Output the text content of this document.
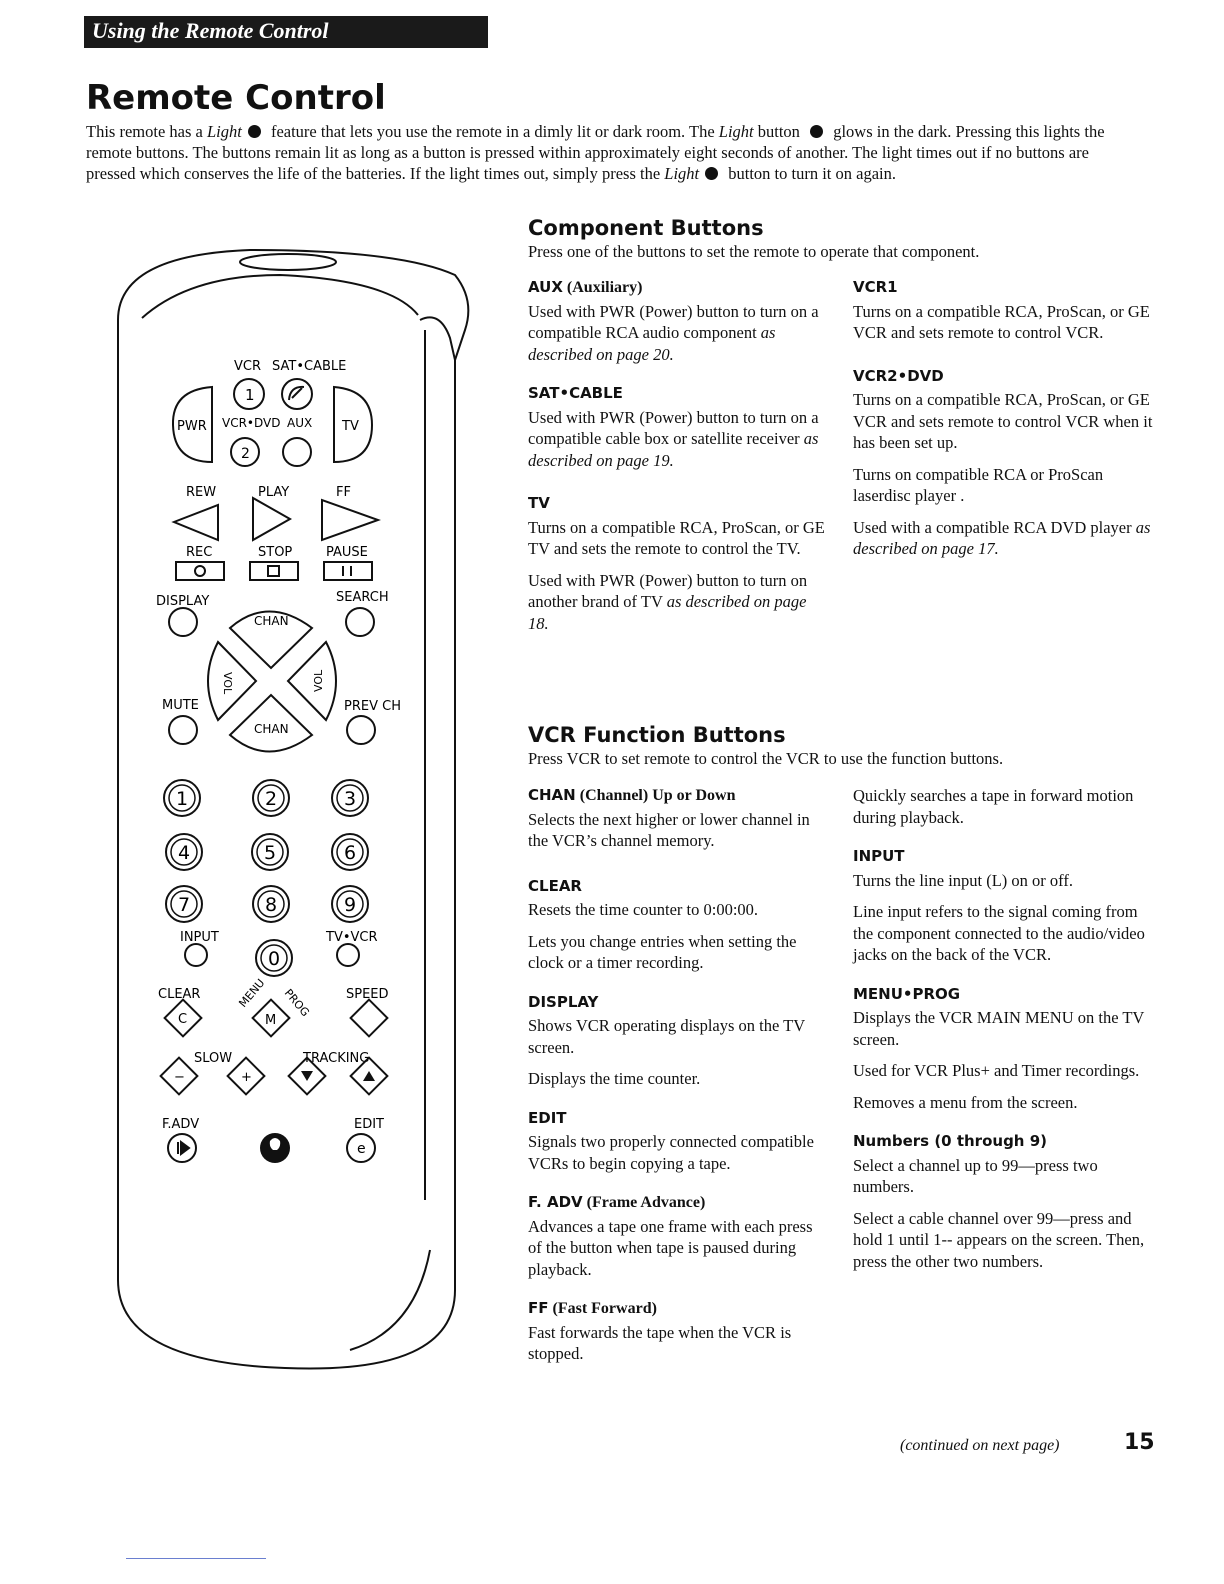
Using the Remote Control
Remote Control

This remote has a Light feature that lets you use the remote in a dimly lit or dark room. The Light button  glows in the dark. Pressing this lights the remote buttons. The buttons remain lit as long as a button is pressed within approximately eight seconds of another. The light times out if no buttons are pressed which conserves the life of the batteries. If the light times out, simply press the Light button to turn it on again.

VCR SAT•CABLE
1
PWR VCR•DVD AUX TV
2
REW	PLAY	FF
REC	STOP	PAUSE
DISPLAY	SEARCH
CHAN
VOL	VOL
CHAN
MUTE	PREV CH
1	2	3
4	5	6
7	8	9
0
INPUT	TV•VCR
CLEAR	SPEED
C	M
MENU PROG
SLOW	TRACKING
−	+
F.ADV	EDIT
e
Component Buttons

Press one of the buttons to set the remote to operate that component.

AUX (Auxiliary)

Used with PWR (Power) button to turn on a compatible RCA audio component as described on page 20.

SAT•CABLE

Used with PWR (Power) button to turn on a compatible cable box or satellite receiver as described on page 19.

TV

Turns on a compatible RCA, ProScan, or GE TV and sets the remote to control the TV.

Used with PWR (Power) button to turn on another brand of TV as described on page 18.

VCR1

Turns on a compatible RCA, ProScan, or GE VCR and sets remote to control VCR.

VCR2•DVD

Turns on a compatible RCA, ProScan, or GE VCR and sets remote to control VCR when it has been set up.

Turns on compatible RCA or ProScan laserdisc player .

Used with a compatible RCA DVD player as described on page 17.

VCR Function Buttons

Press VCR to set remote to control the VCR to use the function buttons.

CHAN (Channel) Up or Down

Selects the next higher or lower channel in the VCR’s channel memory.

CLEAR

Resets the time counter to 0:00:00.

Lets you change entries when setting the clock or a timer recording.

DISPLAY

Shows VCR operating displays on the TV screen.

Displays the time counter.

EDIT

Signals two properly connected compatible VCRs to begin copying a tape.

F. ADV (Frame Advance)

Advances a tape one frame with each press of the button when tape is paused during playback.

FF (Fast Forward)

Fast forwards the tape when the VCR is stopped.

Quickly searches a tape in forward motion during playback.

INPUT

Turns the line input (L) on or off.

Line input refers to the signal coming from the component connected to the audio/video jacks on the back of the VCR.

MENU•PROG

Displays the VCR MAIN MENU on the TV screen.

Used for VCR Plus+ and Timer recordings.

Removes a menu from the screen.

Numbers (0 through 9)

Select a channel up to 99—press two numbers.

Select a cable channel over 99—press and hold 1 until 1-- appears on the screen. Then, press the other two numbers.

(continued on next page)	15
